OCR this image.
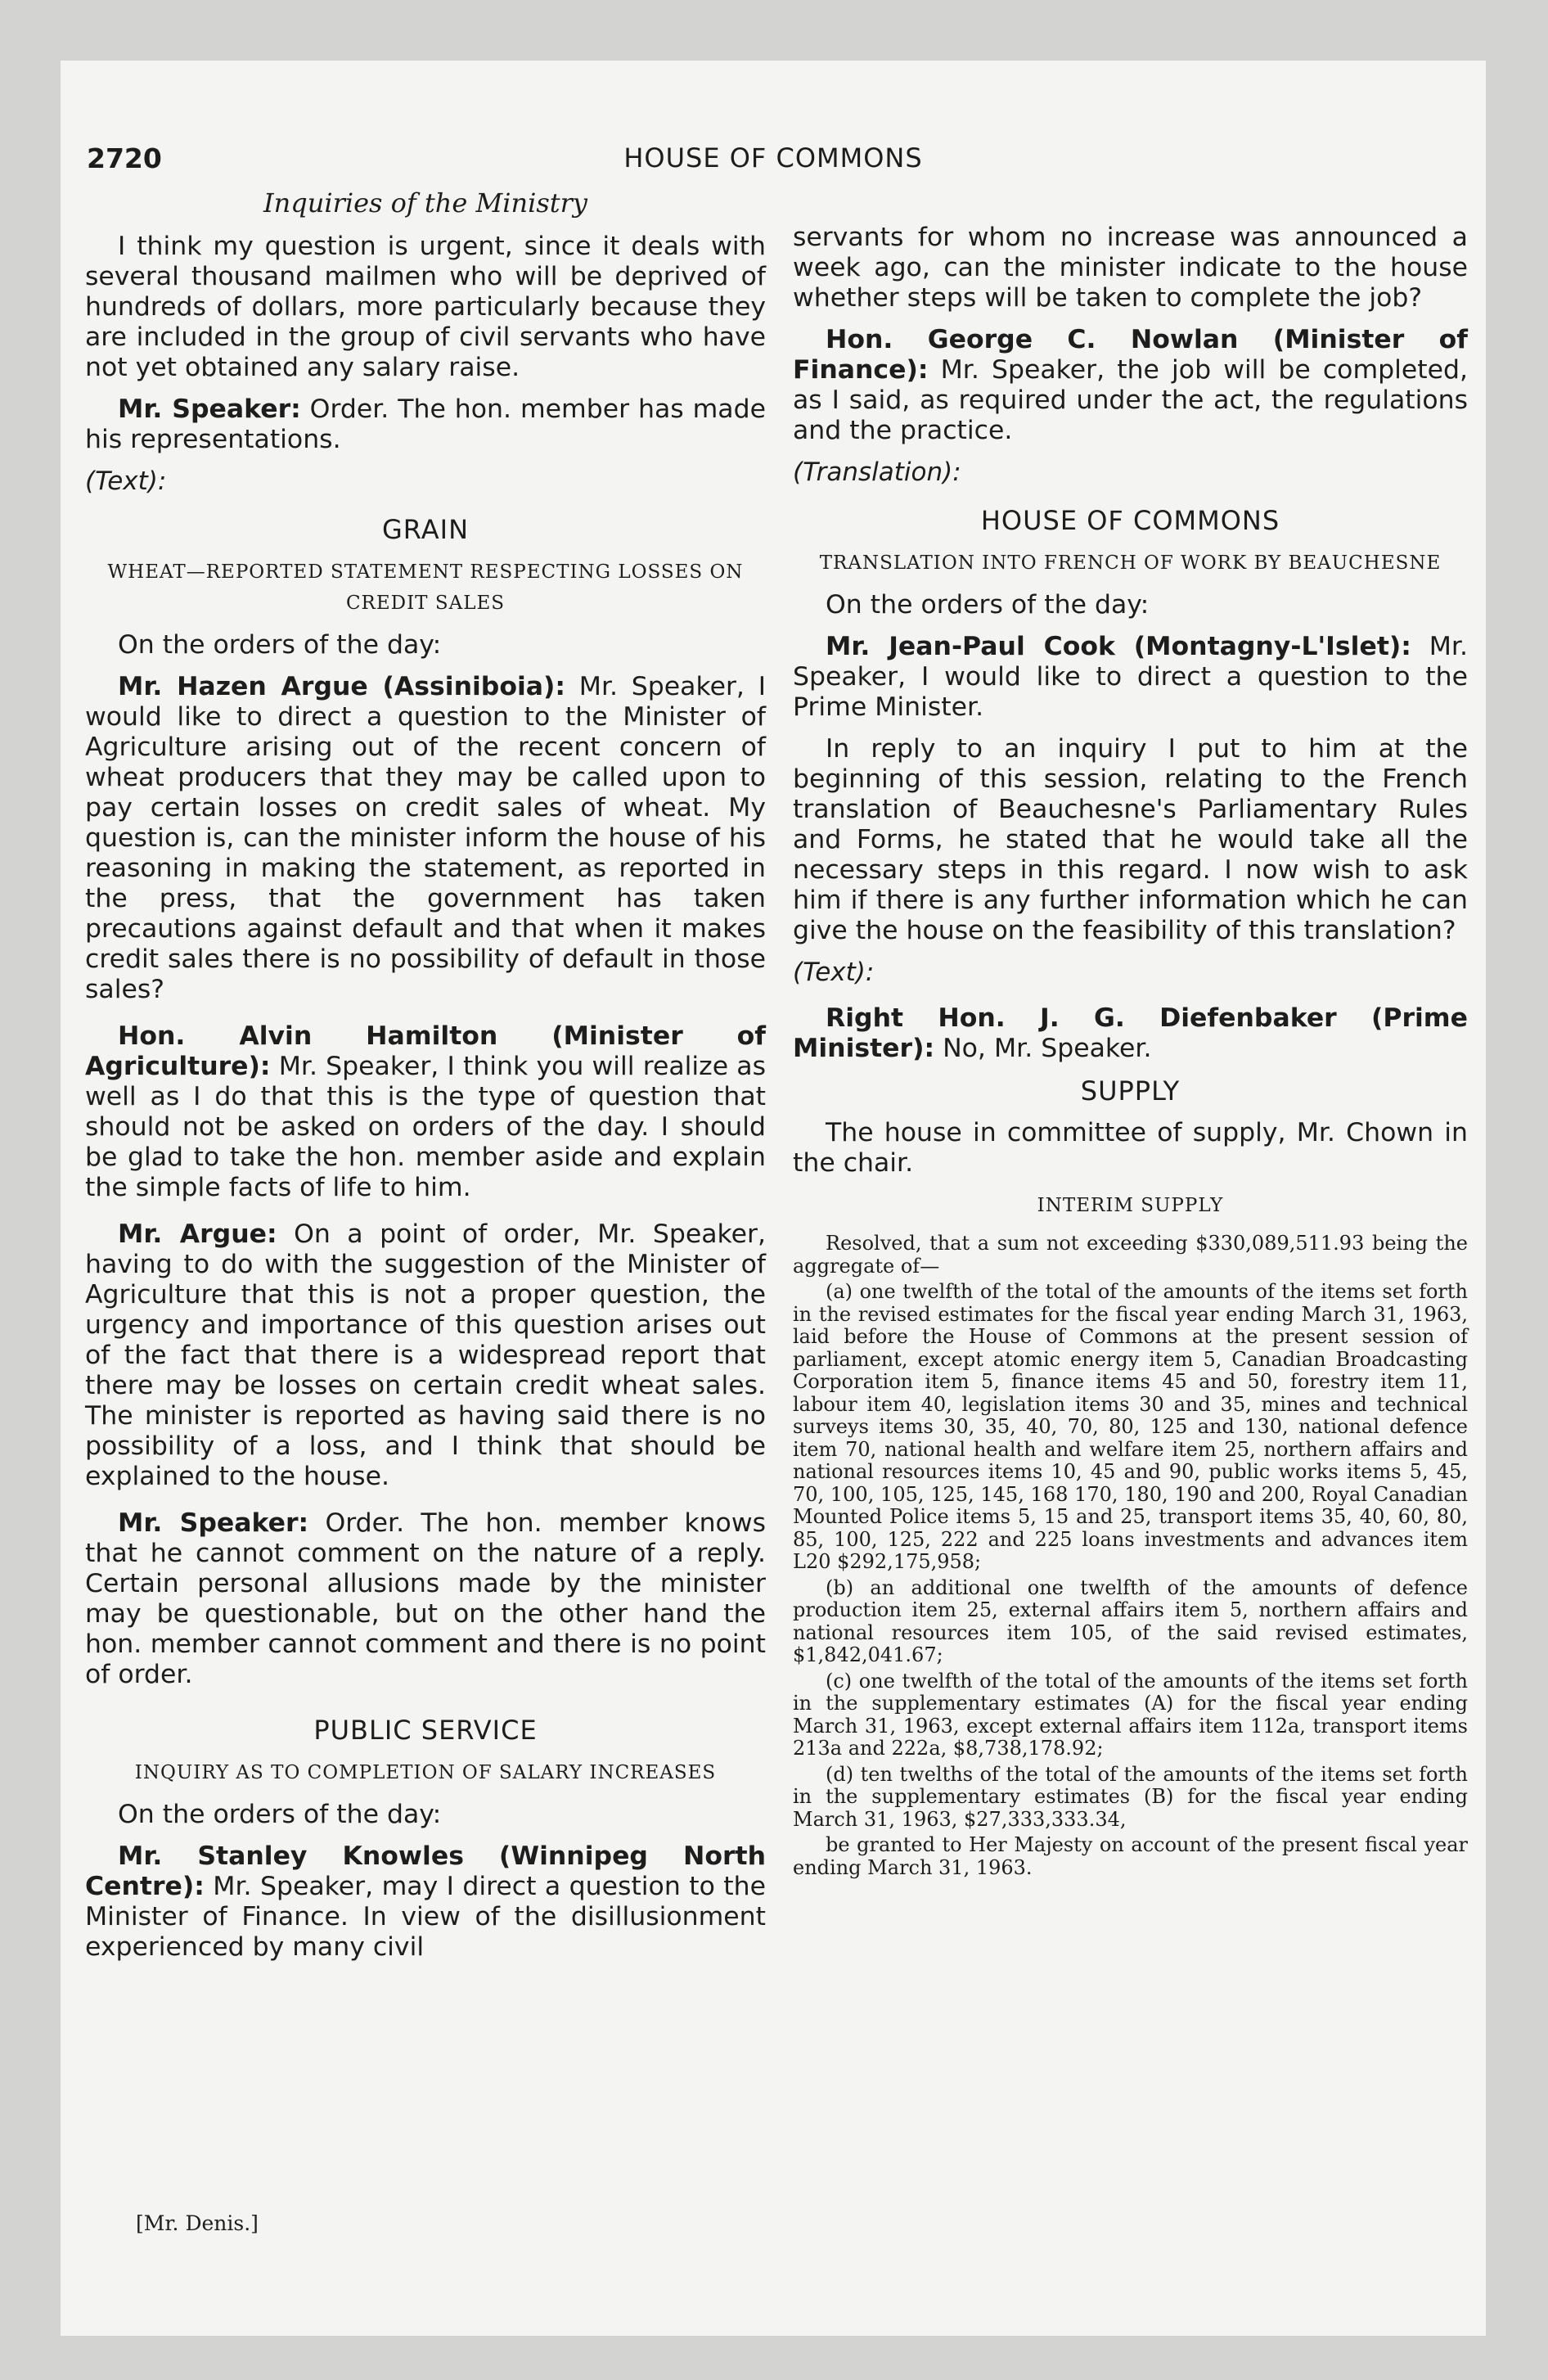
2720	HOUSE OF COMMONS
Inquiries of the Ministry

I think my question is urgent, since it deals with several thousand mailmen who will be deprived of hundreds of dollars, more particularly because they are included in the group of civil servants who have not yet obtained any salary raise.

Mr. Speaker: Order. The hon. member has made his representations.

(Text):
GRAIN
WHEAT—REPORTED STATEMENT RESPECTING LOSSES ON CREDIT SALES

On the orders of the day:

Mr. Hazen Argue (Assiniboia): Mr. Speaker, I would like to direct a question to the Minister of Agriculture arising out of the recent concern of wheat producers that they may be called upon to pay certain losses on credit sales of wheat. My question is, can the minister inform the house of his reasoning in making the statement, as reported in the press, that the government has taken precautions against default and that when it makes credit sales there is no possibility of default in those sales?

Hon. Alvin Hamilton (Minister of Agriculture): Mr. Speaker, I think you will realize as well as I do that this is the type of question that should not be asked on orders of the day. I should be glad to take the hon. member aside and explain the simple facts of life to him.

Mr. Argue: On a point of order, Mr. Speaker, having to do with the suggestion of the Minister of Agriculture that this is not a proper question, the urgency and importance of this question arises out of the fact that there is a widespread report that there may be losses on certain credit wheat sales. The minister is reported as having said there is no possibility of a loss, and I think that should be explained to the house.

Mr. Speaker: Order. The hon. member knows that he cannot comment on the nature of a reply. Certain personal allusions made by the minister may be questionable, but on the other hand the hon. member cannot comment and there is no point of order.

PUBLIC SERVICE
INQUIRY AS TO COMPLETION OF SALARY INCREASES

On the orders of the day:

Mr. Stanley Knowles (Winnipeg North Centre): Mr. Speaker, may I direct a question to the Minister of Finance. In view of the disillusionment experienced by many civil

servants for whom no increase was announced a week ago, can the minister indicate to the house whether steps will be taken to complete the job?

Hon. George C. Nowlan (Minister of Finance): Mr. Speaker, the job will be completed, as I said, as required under the act, the regulations and the practice.

(Translation):
HOUSE OF COMMONS
TRANSLATION INTO FRENCH OF WORK BY BEAUCHESNE

On the orders of the day:

Mr. Jean-Paul Cook (Montagny-L'Islet): Mr. Speaker, I would like to direct a question to the Prime Minister.

In reply to an inquiry I put to him at the beginning of this session, relating to the French translation of Beauchesne's Parliamentary Rules and Forms, he stated that he would take all the necessary steps in this regard. I now wish to ask him if there is any further information which he can give the house on the feasibility of this translation?

(Text):

Right Hon. J. G. Diefenbaker (Prime Minister): No, Mr. Speaker.

SUPPLY

The house in committee of supply, Mr. Chown in the chair.

INTERIM SUPPLY

Resolved, that a sum not exceeding $330,089,511.93 being the aggregate of—

(a) one twelfth of the total of the amounts of the items set forth in the revised estimates for the fiscal year ending March 31, 1963, laid before the House of Commons at the present session of parliament, except atomic energy item 5, Canadian Broadcasting Corporation item 5, finance items 45 and 50, forestry item 11, labour item 40, legislation items 30 and 35, mines and technical surveys items 30, 35, 40, 70, 80, 125 and 130, national defence item 70, national health and welfare item 25, northern affairs and national resources items 10, 45 and 90, public works items 5, 45, 70, 100, 105, 125, 145, 168 170, 180, 190 and 200, Royal Canadian Mounted Police items 5, 15 and 25, transport items 35, 40, 60, 80, 85, 100, 125, 222 and 225 loans investments and advances item L20 $292,175,958;

(b) an additional one twelfth of the amounts of defence production item 25, external affairs item 5, northern affairs and national resources item 105, of the said revised estimates, $1,842,041.67;

(c) one twelfth of the total of the amounts of the items set forth in the supplementary estimates (A) for the fiscal year ending March 31, 1963, except external affairs item 112a, transport items 213a and 222a, $8,738,178.92;

(d) ten twelths of the total of the amounts of the items set forth in the supplementary estimates (B) for the fiscal year ending March 31, 1963, $27,333,333.34,

be granted to Her Majesty on account of the present fiscal year ending March 31, 1963.

[Mr. Denis.]
